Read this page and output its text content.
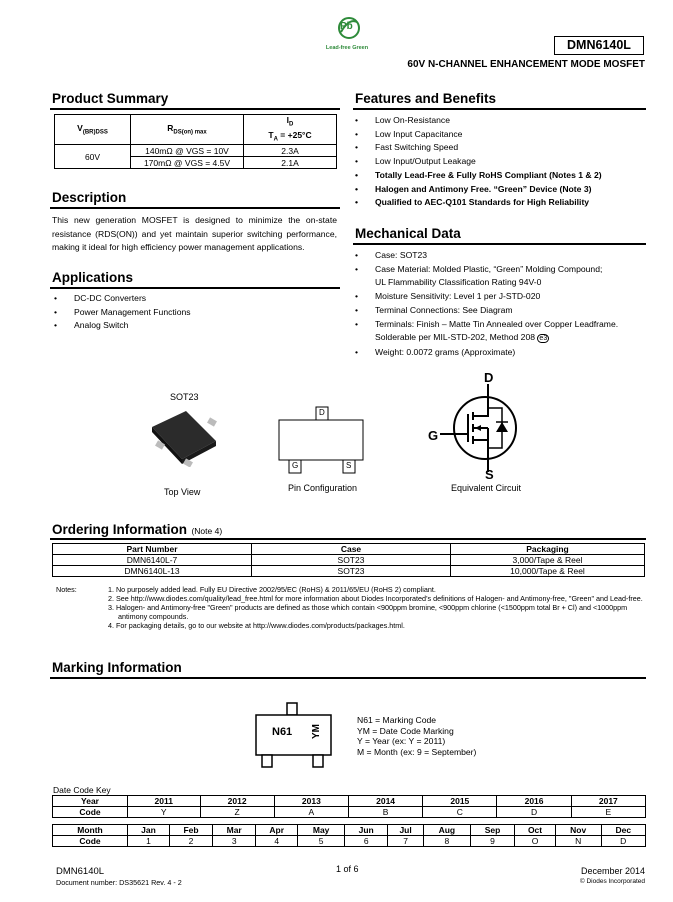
Pb
Lead-free Green	DMN6140L
60V N-CHANNEL ENHANCEMENT MODE MOSFET
Product Summary
$V_{(BR)DSS}$	$R_{DS(on) max}$	$I_D$
$T_A = +25^\circ C$
60V	140mΩ @ VGS = 10V	2.3A
	170mΩ @ VGS = 4.5V	2.1A
Description
This new generation MOSFET is designed to minimize the on-state resistance (RDS(ON)) and yet maintain superior switching performance, making it ideal for high efficiency power management applications.
Applications
• DC-DC Converters
• Power Management Functions
• Analog Switch
Features and Benefits
• Low On-Resistance
• Low Input Capacitance
• Fast Switching Speed
• Low Input/Output Leakage
• Totally Lead-Free & Fully RoHS Compliant (Notes 1 & 2)
• Halogen and Antimony Free. “Green” Device (Note 3)
• Qualified to AEC-Q101 Standards for High Reliability
Mechanical Data
• Case: SOT23
• Case Material: Molded Plastic, “Green” Molding Compound;
UL Flammability Classification Rating 94V-0
• Moisture Sensitivity: Level 1 per J-STD-020
• Terminal Connections: See Diagram
• Terminals: Finish – Matte Tin Annealed over Copper Leadframe.
Solderable per MIL-STD-202, Method 208 e3
• Weight: 0.0072 grams (Approximate)
SOT23
Top View
D
G	S
Pin Configuration
D
G
S
Equivalent Circuit
Ordering Information (Note 4)
Part Number	Case	Packaging
DMN6140L-7	SOT23	3,000/Tape & Reel
DMN6140L-13	SOT23	10,000/Tape & Reel
Notes:	1. No purposely added lead. Fully EU Directive 2002/95/EC (RoHS) & 2011/65/EU (RoHS 2) compliant.
2. See http://www.diodes.com/quality/lead_free.html for more information about Diodes Incorporated’s definitions of Halogen- and Antimony-free, "Green" and Lead-free.
3. Halogen- and Antimony-free "Green" products are defined as those which contain <900ppm bromine, <900ppm chlorine (<1500ppm total Br + Cl) and <1000ppm antimony compounds.
4. For packaging details, go to our website at http://www.diodes.com/products/packages.html.
Marking Information
N61 YM
N61 = Marking Code
YM = Date Code Marking
Y = Year (ex: Y = 2011)
M = Month (ex: 9 = September)
Date Code Key
Year	2011	2012	2013	2014	2015	2016	2017
Code	Y	Z	A	B	C	D	E
Month	Jan	Feb	Mar	Apr	May	Jun	Jul	Aug	Sep	Oct	Nov	Dec
Code	1	2	3	4	5	6	7	8	9	O	N	D
DMN6140L
Document number: DS35621 Rev. 4 - 2
1 of 6	December 2014
© Diodes Incorporated
